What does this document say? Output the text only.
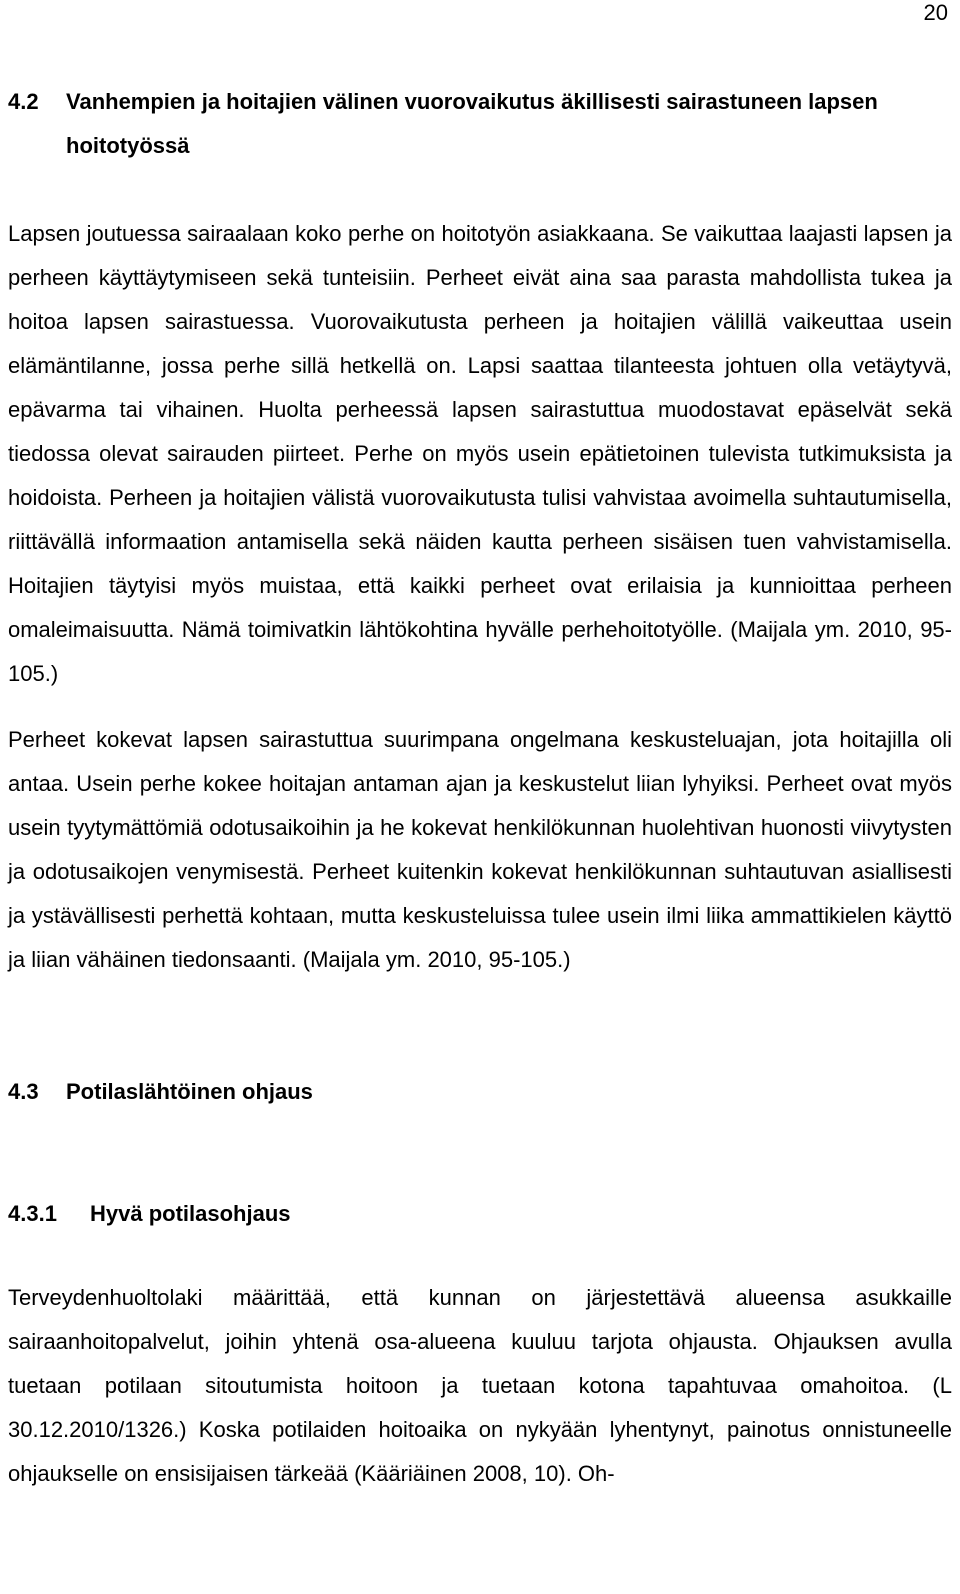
20
4.2	Vanhempien ja hoitajien välinen vuorovaikutus äkillisesti sairastuneen lapsen hoitotyössä

Lapsen joutuessa sairaalaan koko perhe on hoitotyön asiakkaana. Se vaikuttaa laajasti lapsen ja perheen käyttäytymiseen sekä tunteisiin. Perheet eivät aina saa parasta mahdollista tukea ja hoitoa lapsen sairastuessa. Vuorovaikutusta perheen ja hoitajien välillä vaikeuttaa usein elämäntilanne, jossa perhe sillä hetkellä on. Lapsi saattaa tilanteesta johtuen olla vetäytyvä, epävarma tai vihainen. Huolta perheessä lapsen sairastuttua muodostavat epäselvät sekä tiedossa olevat sairauden piirteet. Perhe on myös usein epätietoinen tulevista tutkimuksista ja hoidoista. Perheen ja hoitajien välistä vuorovaikutusta tulisi vahvistaa avoimella suhtautumisella, riittävällä informaation antamisella sekä näiden kautta perheen sisäisen tuen vahvistamisella. Hoitajien täytyisi myös muistaa, että kaikki perheet ovat erilaisia ja kunnioittaa perheen omaleimaisuutta. Nämä toimivatkin lähtökohtina hyvälle perhehoitotyölle. (Maijala ym. 2010, 95-105.)

Perheet kokevat lapsen sairastuttua suurimpana ongelmana keskusteluajan, jota hoitajilla oli antaa. Usein perhe kokee hoitajan antaman ajan ja keskustelut liian lyhyiksi. Perheet ovat myös usein tyytymättömiä odotusaikoihin ja he kokevat henkilökunnan huolehtivan huonosti viivytysten ja odotusaikojen venymisestä. Perheet kuitenkin kokevat henkilökunnan suhtautuvan asiallisesti ja ystävällisesti perhettä kohtaan, mutta keskusteluissa tulee usein ilmi liika ammattikielen käyttö ja liian vähäinen tiedonsaanti. (Maijala ym. 2010, 95-105.)

4.3	Potilaslähtöinen ohjaus
4.3.1	Hyvä potilasohjaus

Terveydenhuoltolaki määrittää, että kunnan on järjestettävä alueensa asukkaille sairaanhoitopalvelut, joihin yhtenä osa-alueena kuuluu tarjota ohjausta. Ohjauksen avulla tuetaan potilaan sitoutumista hoitoon ja tuetaan kotona tapahtuvaa omahoitoa. (L 30.12.2010/1326.) Koska potilaiden hoitoaika on nykyään lyhentynyt, painotus onnistuneelle ohjaukselle on ensisijaisen tärkeää (Kääriäinen 2008, 10). Oh-
